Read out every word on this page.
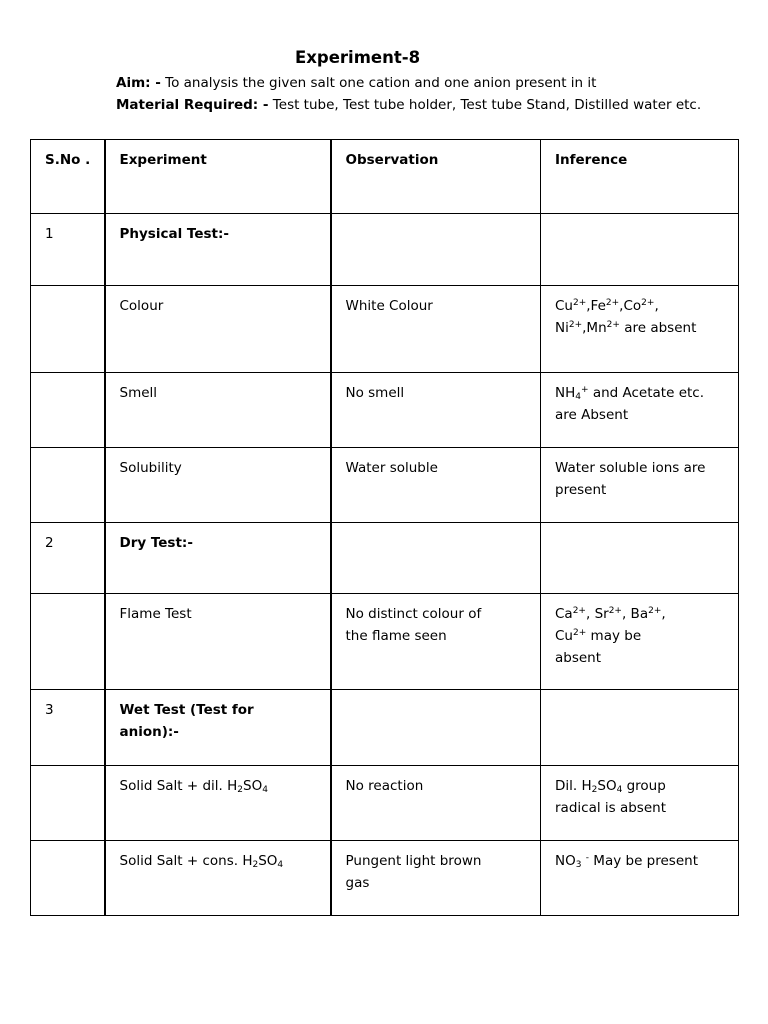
Experiment-8
Aim: - To analysis the given salt one cation and one anion present in it
Material Required: - Test tube, Test tube holder, Test tube Stand, Distilled water etc.
S.No .	Experiment	Observation	Inference
1	Physical Test:-		
	Colour	White Colour	$Cu^{2+},Fe^{2+},Co^{2+}$,
$Ni^{2+},Mn^{2+}$ are absent
	Smell	No smell	$NH_4^+$ and Acetate etc.
are Absent
	Solubility	Water soluble	Water soluble ions are
present
2	Dry Test:-		
	Flame Test	No distinct colour of
the flame seen	$Ca^{2+}$, $Sr^{2+}$, $Ba^{2+}$,
$Cu^{2+}$ may be
absent
3	Wet Test (Test for
anion):-		
	Solid Salt + dil. $H_2SO_4$	No reaction	Dil. $H_2SO_4$ group
radical is absent
	Solid Salt + cons. $H_2SO_4$	Pungent light brown
gas	$NO_3$ - May be present
